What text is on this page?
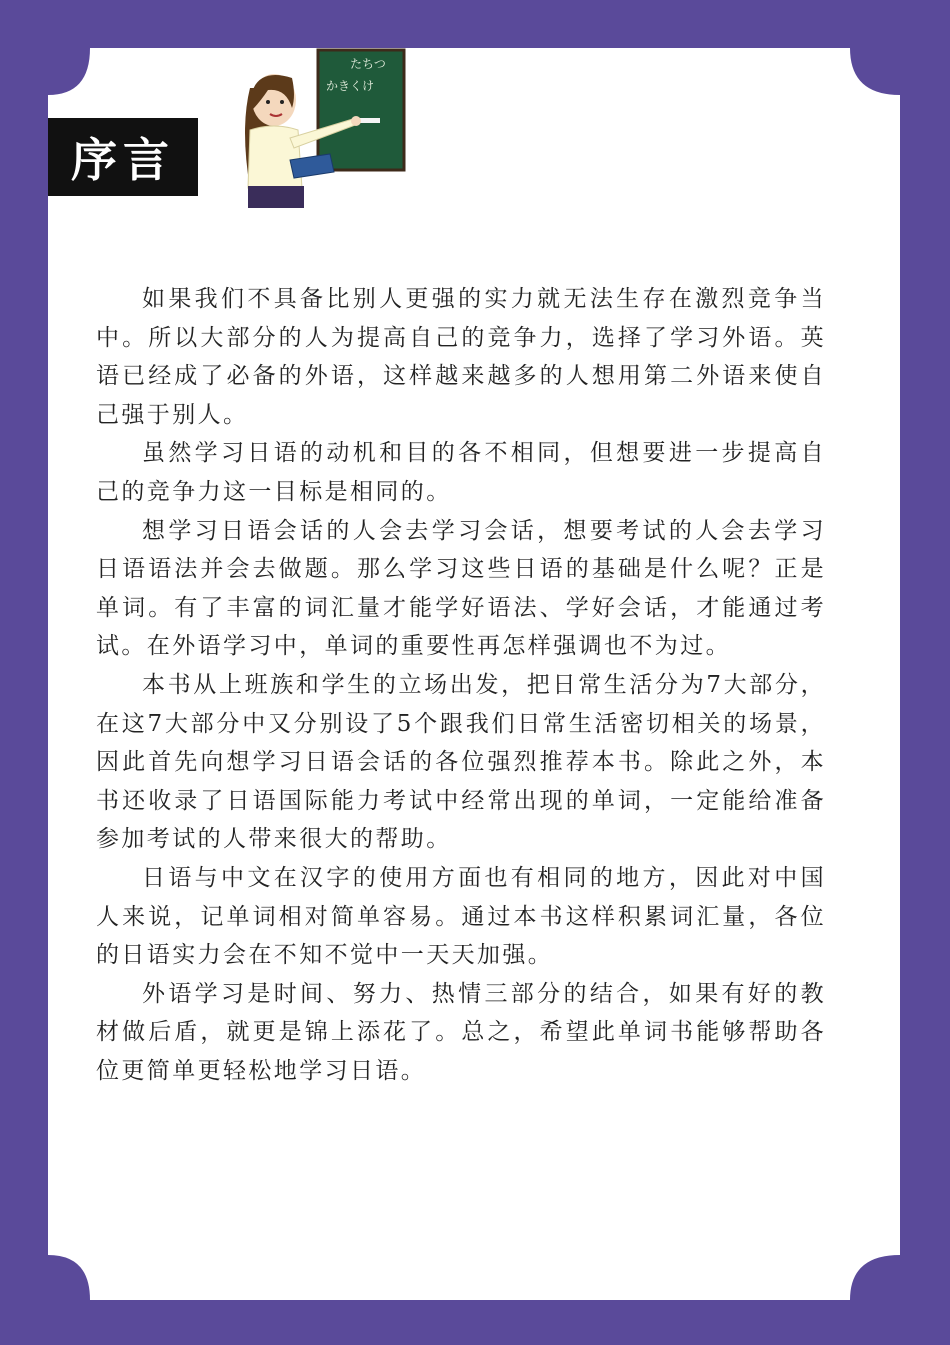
たちつ
かきくけ
序言

如果我们不具备比别人更强的实力就无法生存在激烈竞争当中。所以大部分的人为提高自己的竞争力，选择了学习外语。英语已经成了必备的外语，这样越来越多的人想用第二外语来使自己强于别人。

虽然学习日语的动机和目的各不相同，但想要进一步提高自己的竞争力这一目标是相同的。

想学习日语会话的人会去学习会话，想要考试的人会去学习日语语法并会去做题。那么学习这些日语的基础是什么呢？正是单词。有了丰富的词汇量才能学好语法、学好会话，才能通过考试。在外语学习中，单词的重要性再怎样强调也不为过。

本书从上班族和学生的立场出发，把日常生活分为7大部分，在这7大部分中又分别设了5个跟我们日常生活密切相关的场景，因此首先向想学习日语会话的各位强烈推荐本书。除此之外，本书还收录了日语国际能力考试中经常出现的单词，一定能给准备参加考试的人带来很大的帮助。

日语与中文在汉字的使用方面也有相同的地方，因此对中国人来说，记单词相对简单容易。通过本书这样积累词汇量，各位的日语实力会在不知不觉中一天天加强。

外语学习是时间、努力、热情三部分的结合，如果有好的教材做后盾，就更是锦上添花了。总之，希望此单词书能够帮助各位更简单更轻松地学习日语。
